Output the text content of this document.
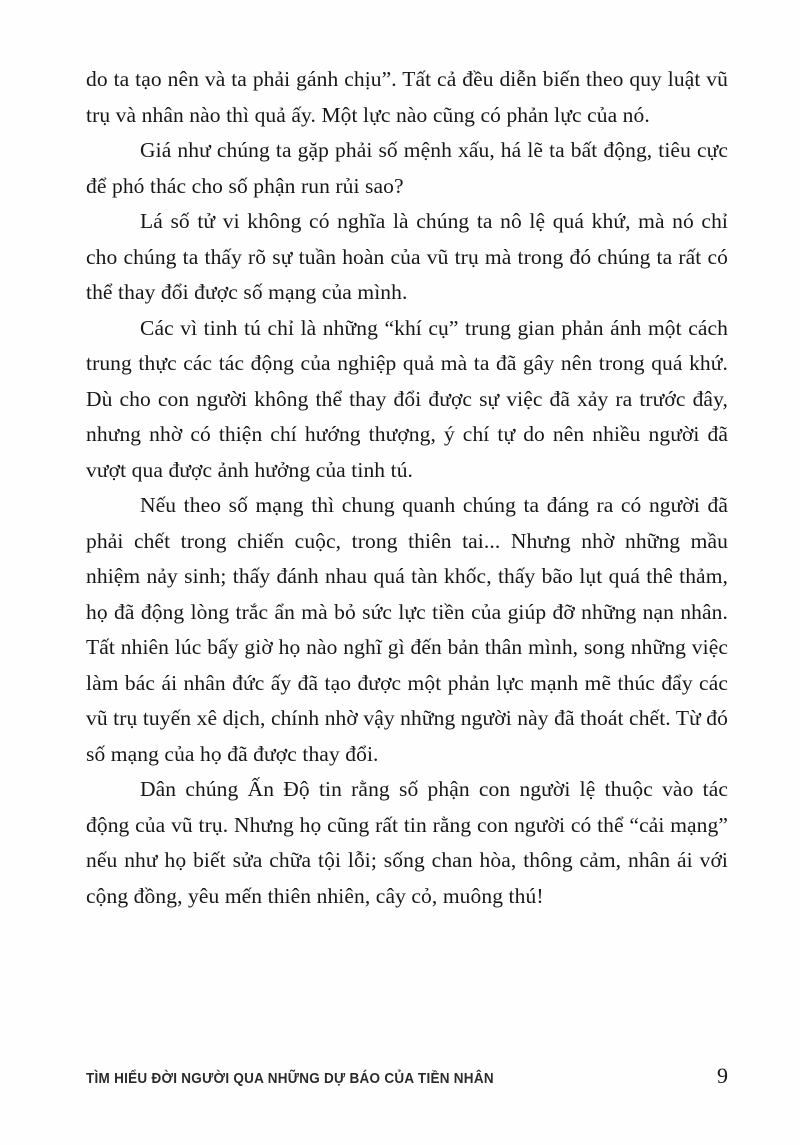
do ta tạo nên và ta phải gánh chịu”. Tất cả đều diễn biến theo quy luật vũ trụ và nhân nào thì quả ấy. Một lực nào cũng có phản lực của nó.

Giá như chúng ta gặp phải số mệnh xấu, há lẽ ta bất động, tiêu cực để phó thác cho số phận run rủi sao?

Lá số tử vi không có nghĩa là chúng ta nô lệ quá khứ, mà nó chỉ cho chúng ta thấy rõ sự tuần hoàn của vũ trụ mà trong đó chúng ta rất có thể thay đổi được số mạng của mình.

Các vì tinh tú chỉ là những “khí cụ” trung gian phản ánh một cách trung thực các tác động của nghiệp quả mà ta đã gây nên trong quá khứ. Dù cho con người không thể thay đổi được sự việc đã xảy ra trước đây, nhưng nhờ có thiện chí hướng thượng, ý chí tự do nên nhiều người đã vượt qua được ảnh hưởng của tinh tú.

Nếu theo số mạng thì chung quanh chúng ta đáng ra có người đã phải chết trong chiến cuộc, trong thiên tai... Nhưng nhờ những mầu nhiệm nảy sinh; thấy đánh nhau quá tàn khốc, thấy bão lụt quá thê thảm, họ đã động lòng trắc ẩn mà bỏ sức lực tiền của giúp đỡ những nạn nhân. Tất nhiên lúc bấy giờ họ nào nghĩ gì đến bản thân mình, song những việc làm bác ái nhân đức ấy đã tạo được một phản lực mạnh mẽ thúc đẩy các vũ trụ tuyến xê dịch, chính nhờ vậy những người này đã thoát chết. Từ đó số mạng của họ đã được thay đổi.

Dân chúng Ấn Độ tin rằng số phận con người lệ thuộc vào tác động của vũ trụ. Nhưng họ cũng rất tin rằng con người có thể “cải mạng” nếu như họ biết sửa chữa tội lỗi; sống chan hòa, thông cảm, nhân ái với cộng đồng, yêu mến thiên nhiên, cây cỏ, muông thú!

TÌM HIỂU ĐỜI NGƯỜI QUA NHỮNG DỰ BÁO CỦA TIỀN NHÂN	9
